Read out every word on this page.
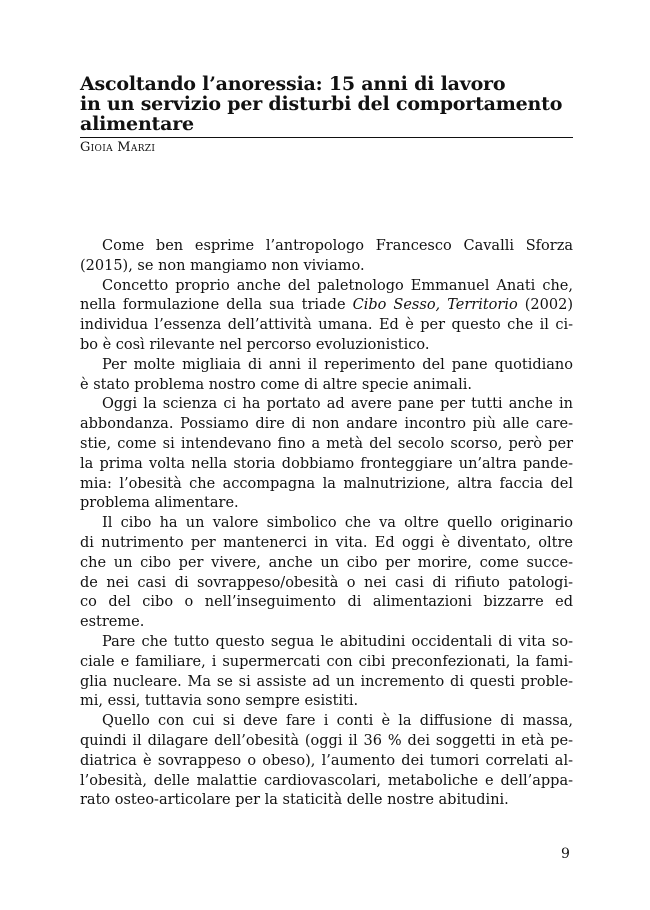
Ascoltando l’anoressia: 15 anni di lavoro
in un servizio per disturbi del comportamento
alimentare
Gioia Marzi
Come ben esprime l’antropologo Francesco Cavalli Sforza
(2015), se non mangiamo non viviamo.
Concetto proprio anche del paletnologo Emmanuel Anati che,
nella formulazione della sua triade Cibo Sesso, Territorio (2002)
individua l’essenza dell’attività umana. Ed è per questo che il ci-
bo è così rilevante nel percorso evoluzionistico.
Per molte migliaia di anni il reperimento del pane quotidiano
è stato problema nostro come di altre specie animali.
Oggi la scienza ci ha portato ad avere pane per tutti anche in
abbondanza. Possiamo dire di non andare incontro più alle care-
stie, come si intendevano fino a metà del secolo scorso, però per
la prima volta nella storia dobbiamo fronteggiare un’altra pande-
mia: l’obesità che accompagna la malnutrizione, altra faccia del
problema alimentare.
Il cibo ha un valore simbolico che va oltre quello originario
di nutrimento per mantenerci in vita. Ed oggi è diventato, oltre
che un cibo per vivere, anche un cibo per morire, come succe-
de nei casi di sovrappeso/obesità o nei casi di rifiuto patologi-
co del cibo o nell’inseguimento di alimentazioni bizzarre ed
estreme.
Pare che tutto questo segua le abitudini occidentali di vita so-
ciale e familiare, i supermercati con cibi preconfezionati, la fami-
glia nucleare. Ma se si assiste ad un incremento di questi proble-
mi, essi, tuttavia sono sempre esistiti.
Quello con cui si deve fare i conti è la diffusione di massa,
quindi il dilagare dell’obesità (oggi il 36 % dei soggetti in età pe-
diatrica è sovrappeso o obeso), l’aumento dei tumori correlati al-
l’obesità, delle malattie cardiovascolari, metaboliche e dell’appa-
rato osteo-articolare per la staticità delle nostre abitudini.
9
